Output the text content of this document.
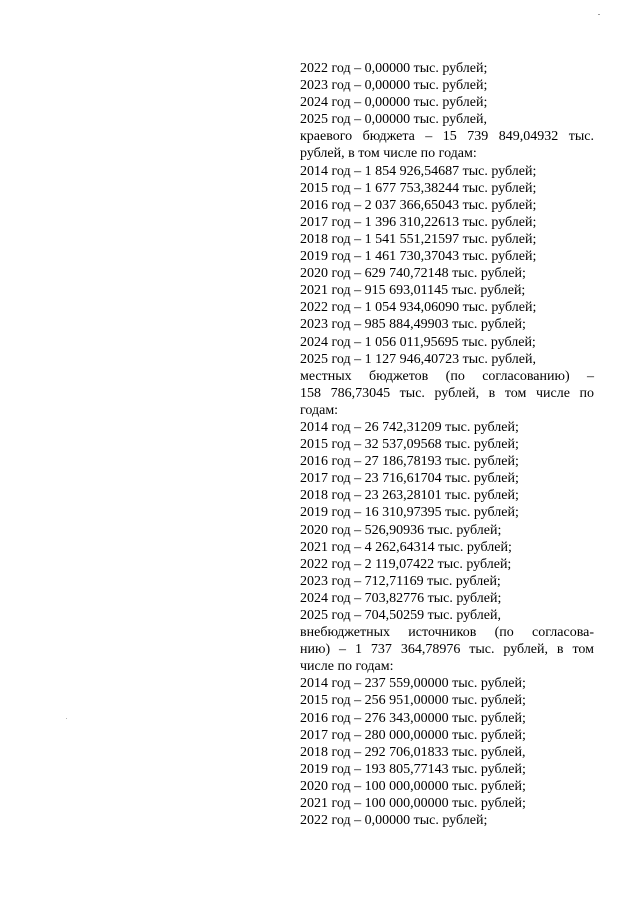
2022 год – 0,00000 тыс. рублей;
2023 год – 0,00000 тыс. рублей;
2024 год – 0,00000 тыс. рублей;
2025 год – 0,00000 тыс. рублей,
краевого бюджета – 15 739 849,04932 тыс.
рублей, в том числе по годам:
2014 год – 1 854 926,54687 тыс. рублей;
2015 год – 1 677 753,38244 тыс. рублей;
2016 год – 2 037 366,65043 тыс. рублей;
2017 год – 1 396 310,22613 тыс. рублей;
2018 год – 1 541 551,21597 тыс. рублей;
2019 год – 1 461 730,37043 тыс. рублей;
2020 год – 629 740,72148 тыс. рублей;
2021 год – 915 693,01145 тыс. рублей;
2022 год – 1 054 934,06090 тыс. рублей;
2023 год – 985 884,49903 тыс. рублей;
2024 год – 1 056 011,95695 тыс. рублей;
2025 год – 1 127 946,40723 тыс. рублей,
местных бюджетов (по согласованию) –
158 786,73045 тыс. рублей, в том числе по
годам:
2014 год – 26 742,31209 тыс. рублей;
2015 год – 32 537,09568 тыс. рублей;
2016 год – 27 186,78193 тыс. рублей;
2017 год – 23 716,61704 тыс. рублей;
2018 год – 23 263,28101 тыс. рублей;
2019 год – 16 310,97395 тыс. рублей;
2020 год – 526,90936 тыс. рублей;
2021 год – 4 262,64314 тыс. рублей;
2022 год – 2 119,07422 тыс. рублей;
2023 год – 712,71169 тыс. рублей;
2024 год – 703,82776 тыс. рублей;
2025 год – 704,50259 тыс. рублей,
внебюджетных источников (по согласова-
нию) – 1 737 364,78976 тыс. рублей, в том
числе по годам:
2014 год – 237 559,00000 тыс. рублей;
2015 год – 256 951,00000 тыс. рублей;
2016 год – 276 343,00000 тыс. рублей;
2017 год – 280 000,00000 тыс. рублей;
2018 год – 292 706,01833 тыс. рублей,
2019 год – 193 805,77143 тыс. рублей;
2020 год – 100 000,00000 тыс. рублей;
2021 год – 100 000,00000 тыс. рублей;
2022 год – 0,00000 тыс. рублей;
